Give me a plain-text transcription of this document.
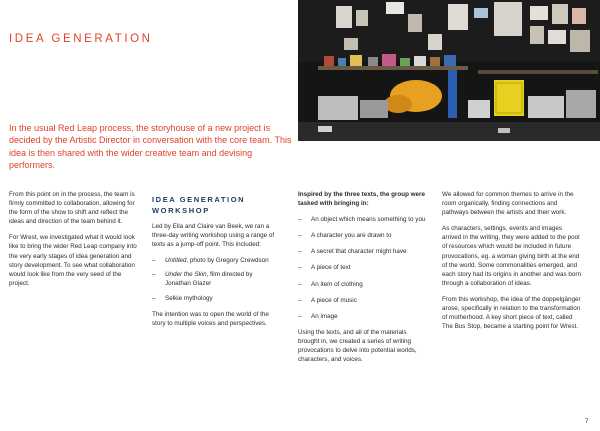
IDEA GENERATION
In the usual Red Leap process, the storyhouse of a new project is decided by the Artistic Director in conversation with the core team. This idea is then shared with the wider creative team and devising performers.

From this point on in the process, the team is firmly committed to collaboration, allowing for the form of the show to shift and reflect the ideas and direction of the team behind it.

For Wrest, we investigated what it would look like to bring the wider Red Leap company into the very early stages of idea generation and story development. To see what collaboration would look like from the very seed of the project.

IDEA GENERATION
WORKSHOP

Led by Ella and Claire van Beek, we ran a three-day writing workshop using a range of texts as a jump-off point. This included:

– Untitled, photo by Gregory Crewdson
– Under the Skin, film directed by Jonathan Glazer
– Selkie mythology

The intention was to open the world of the story to multiple voices and perspectives.

Inspired by the three texts, the group were tasked with bringing in:

– An object which means something to you
– A character you are drawn to
– A secret that character might have
– A piece of text
– An item of clothing
– A piece of music
– An image

Using the texts, and all of the materials brought in, we created a series of writing provocations to delve into potential worlds, characters, and voices.

We allowed for common themes to arrive in the room organically, finding connections and pathways between the artists and their work.

As characters, settings, events and images arrived in the writing, they were added to the pool of resources which would be included in future provocations, eg. a woman giving birth at the end of the world. Some commonalities emerged, and each story had its origins in another and was born through a collaboration of ideas.

From this workshop, the idea of the doppelgänger arose, specifically in relation to the transformation of motherhood. A key short piece of text, called The Bus Stop, became a starting point for Wrest.

7
